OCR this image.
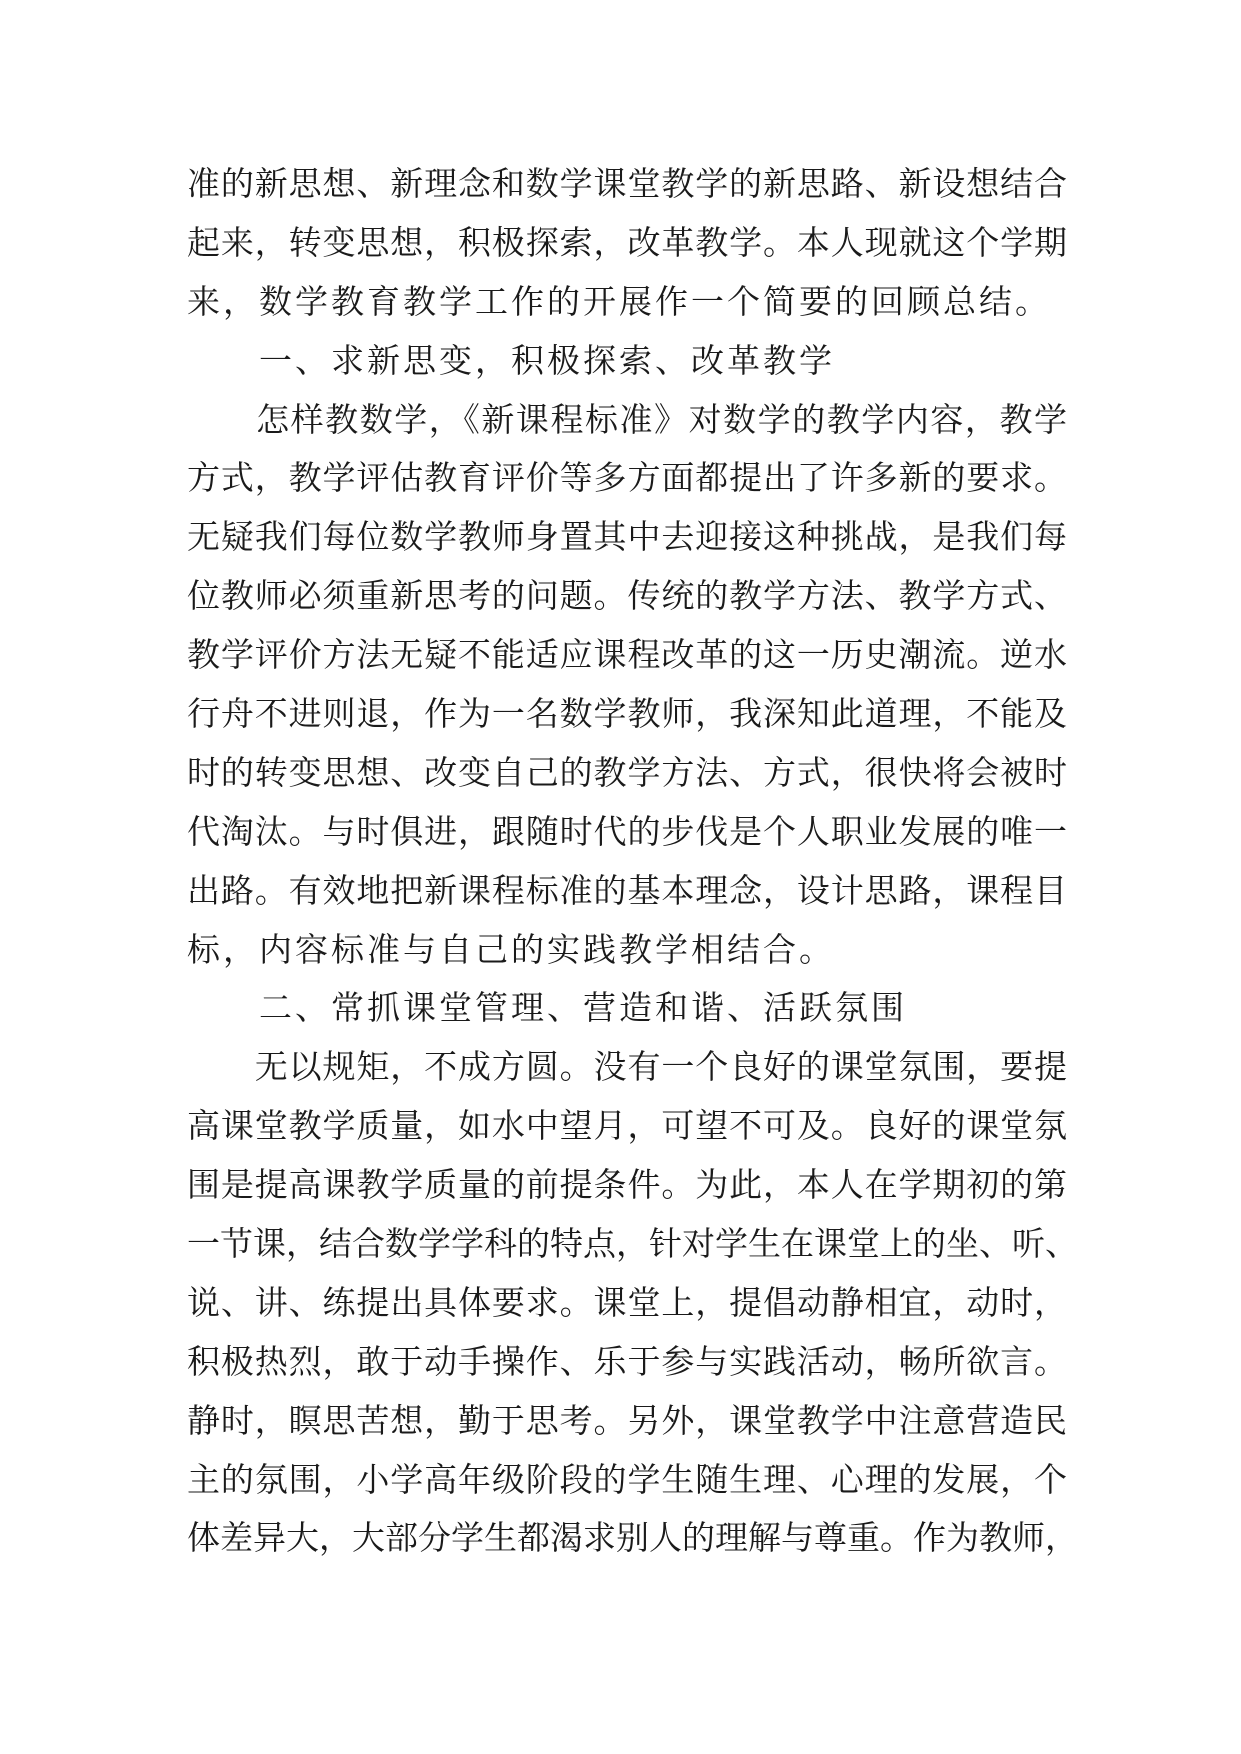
准的新思想、新理念和数学课堂教学的新思路、新设想结合
起来，转变思想，积极探索，改革教学。本人现就这个学期
来，数学教育教学工作的开展作一个简要的回顾总结。
　　一、求新思变，积极探索、改革教学
　　怎样教数学，《新课程标准》对数学的教学内容，教学
方式，教学评估教育评价等多方面都提出了许多新的要求。
无疑我们每位数学教师身置其中去迎接这种挑战，是我们每
位教师必须重新思考的问题。传统的教学方法、教学方式、
教学评价方法无疑不能适应课程改革的这一历史潮流。逆水
行舟不进则退，作为一名数学教师，我深知此道理，不能及
时的转变思想、改变自己的教学方法、方式，很快将会被时
代淘汰。与时俱进，跟随时代的步伐是个人职业发展的唯一
出路。有效地把新课程标准的基本理念，设计思路，课程目
标，内容标准与自己的实践教学相结合。
　　二、常抓课堂管理、营造和谐、活跃氛围
　　无以规矩，不成方圆。没有一个良好的课堂氛围，要提
高课堂教学质量，如水中望月，可望不可及。良好的课堂氛
围是提高课教学质量的前提条件。为此，本人在学期初的第
一节课，结合数学学科的特点，针对学生在课堂上的坐、听、
说、讲、练提出具体要求。课堂上，提倡动静相宜，动时，
积极热烈，敢于动手操作、乐于参与实践活动，畅所欲言。
静时，瞑思苦想，勤于思考。另外，课堂教学中注意营造民
主的氛围，小学高年级阶段的学生随生理、心理的发展，个
体差异大，大部分学生都渴求别人的理解与尊重。作为教师，
